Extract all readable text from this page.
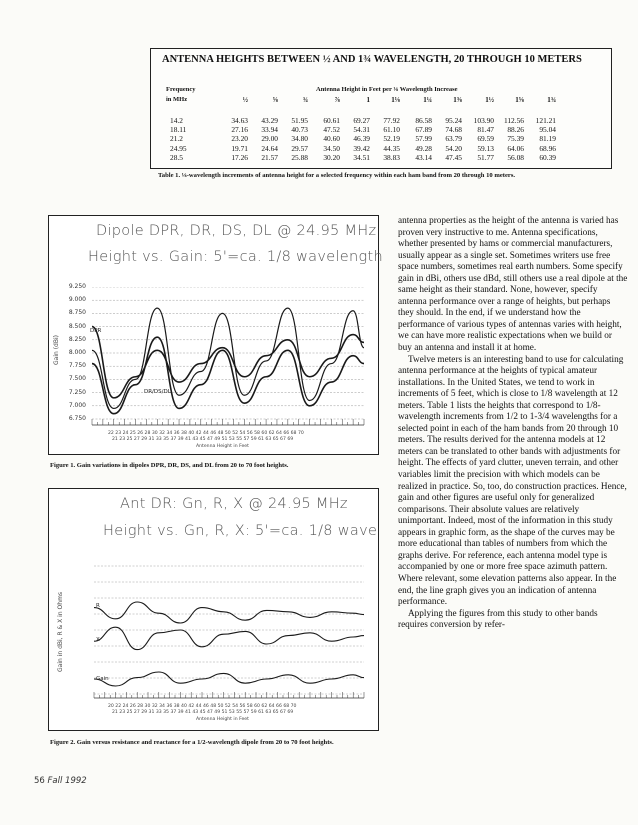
ANTENNA HEIGHTS BETWEEN ½ AND 1¾ WAVELENGTH, 20 THROUGH 10 METERS
Frequency
in MHz
Antenna Height in Feet per ⅛ Wavelength Increase
½	⅝	¾	⅞	1	1⅛	1¼	1⅜	1½	1⅝	1¾
14.2	34.63	43.29	51.95	60.61	69.27	77.92	86.58	95.24	103.90	112.56	121.21
18.11	27.16	33.94	40.73	47.52	54.31	61.10	67.89	74.68	81.47	88.26	95.04
21.2	23.20	29.00	34.80	40.60	46.39	52.19	57.99	63.79	69.59	75.39	81.19
24.95	19.71	24.64	29.57	34.50	39.42	44.35	49.28	54.20	59.13	64.06	68.96
28.5	17.26	21.57	25.88	30.20	34.51	38.83	43.14	47.45	51.77	56.08	60.39
Table 1. ⅛-wavelength increments of antenna height for a selected frequency within each ham band from 20 through 10 meters.
Dipole DPR, DR, DS, DL @ 24.95 MHz
Height vs. Gain: 5'=ca. 1/8 wavelength
Gain (dBi)
9.250
9.000
8.750
8.500
8.250
8.000
7.750
7.500
7.250
7.000
6.750
DPR
DR/DS/DL
22 23 24 25 26 28 30 32 34 36 38 40 42 44 46 48 50 52 54 56 58 60 62 64 66 68 70
21 23 25 27 29 31 33 35 37 39 41 43 45 47 49 51 53 55 57 59 61 63 65 67 69
Antenna Height in Feet
Figure 1. Gain variations in dipoles DPR, DR, DS, and DL from 20 to 70 foot heights.
Ant DR: Gn, R, X @ 24.95 MHz
Height vs. Gn, R, X: 5'=ca. 1/8 wave
Gain in dBi, R & X in Ohms	R
X
Gain
20 22 24 26 28 30 32 34 36 38 40 42 44 46 48 50 52 54 56 58 60 62 64 66 68 70
21 23 25 27 29 31 33 35 37 39 41 43 45 47 49 51 53 55 57 59 61 63 65 67 69
Antenna Height in Feet
Figure 2. Gain versus resistance and reactance for a 1/2-wavelength dipole from 20 to 70 foot heights.

antenna properties as the height of the antenna is varied has proven very instructive to me. Antenna specifications, whether presented by hams or commercial manufacturers, usually appear as a single set. Sometimes writers use free space numbers, sometimes real earth numbers. Some specify gain in dBi, others use dBd, still others use a real dipole at the same height as their standard. None, however, specify antenna performance over a range of heights, but perhaps they should. In the end, if we understand how the performance of various types of antennas varies with height, we can have more realistic expectations when we build or buy an antenna and install it at home.

Twelve meters is an interesting band to use for calculating antenna performance at the heights of typical amateur installations. In the United States, we tend to work in increments of 5 feet, which is close to 1/8 wavelength at 12 meters. Table 1 lists the heights that correspond to 1/8-wavelength increments from 1/2 to 1-3/4 wavelengths for a selected point in each of the ham bands from 20 through 10 meters. The results derived for the antenna models at 12 meters can be translated to other bands with adjustments for height. The effects of yard clutter, uneven terrain, and other variables limit the precision with which models can be realized in practice. So, too, do construction practices. Hence, gain and other figures are useful only for generalized comparisons. Their absolute values are relatively unimportant. Indeed, most of the information in this study appears in graphic form, as the shape of the curves may be more educational than tables of numbers from which the graphs derive. For reference, each antenna model type is accompanied by one or more free space azimuth pattern. Where relevant, some elevation patterns also appear. In the end, the line graph gives you an indication of antenna performance.

Applying the figures from this study to other bands requires conversion by refer-

56 Fall 1992
